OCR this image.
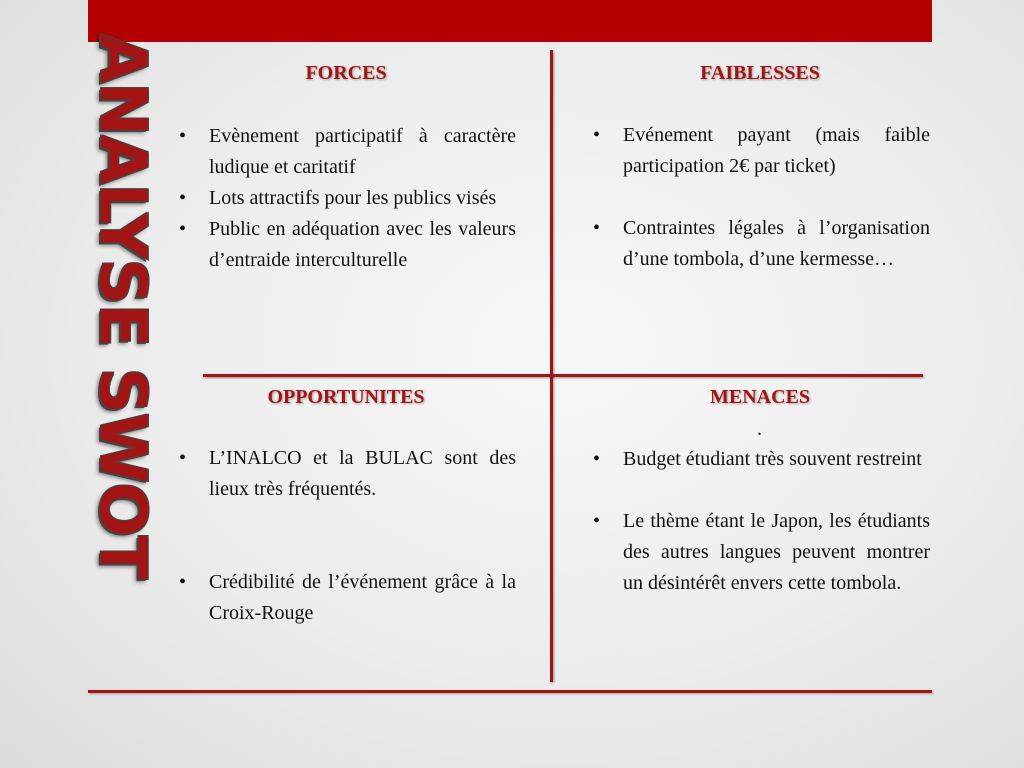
ANALYSE SWOT	FORCES
• Evènement participatif à caractère ludique et caritatif
• Lots attractifs pour les publics visés
• Public en adéquation avec les valeurs d’entraide interculturelle
FAIBLESSES
• Evénement payant (mais faible participation 2€ par ticket)
• Contraintes légales à l’organisation d’une tombola, d’une kermesse…
OPPORTUNITES
• L’INALCO et la BULAC sont des lieux très fréquentés.
• Crédibilité de l’événement grâce à la Croix-Rouge
MENACES
.
• Budget étudiant très souvent restreint
• Le thème étant le Japon, les étudiants des autres langues peuvent montrer un désintérêt envers cette tombola.
